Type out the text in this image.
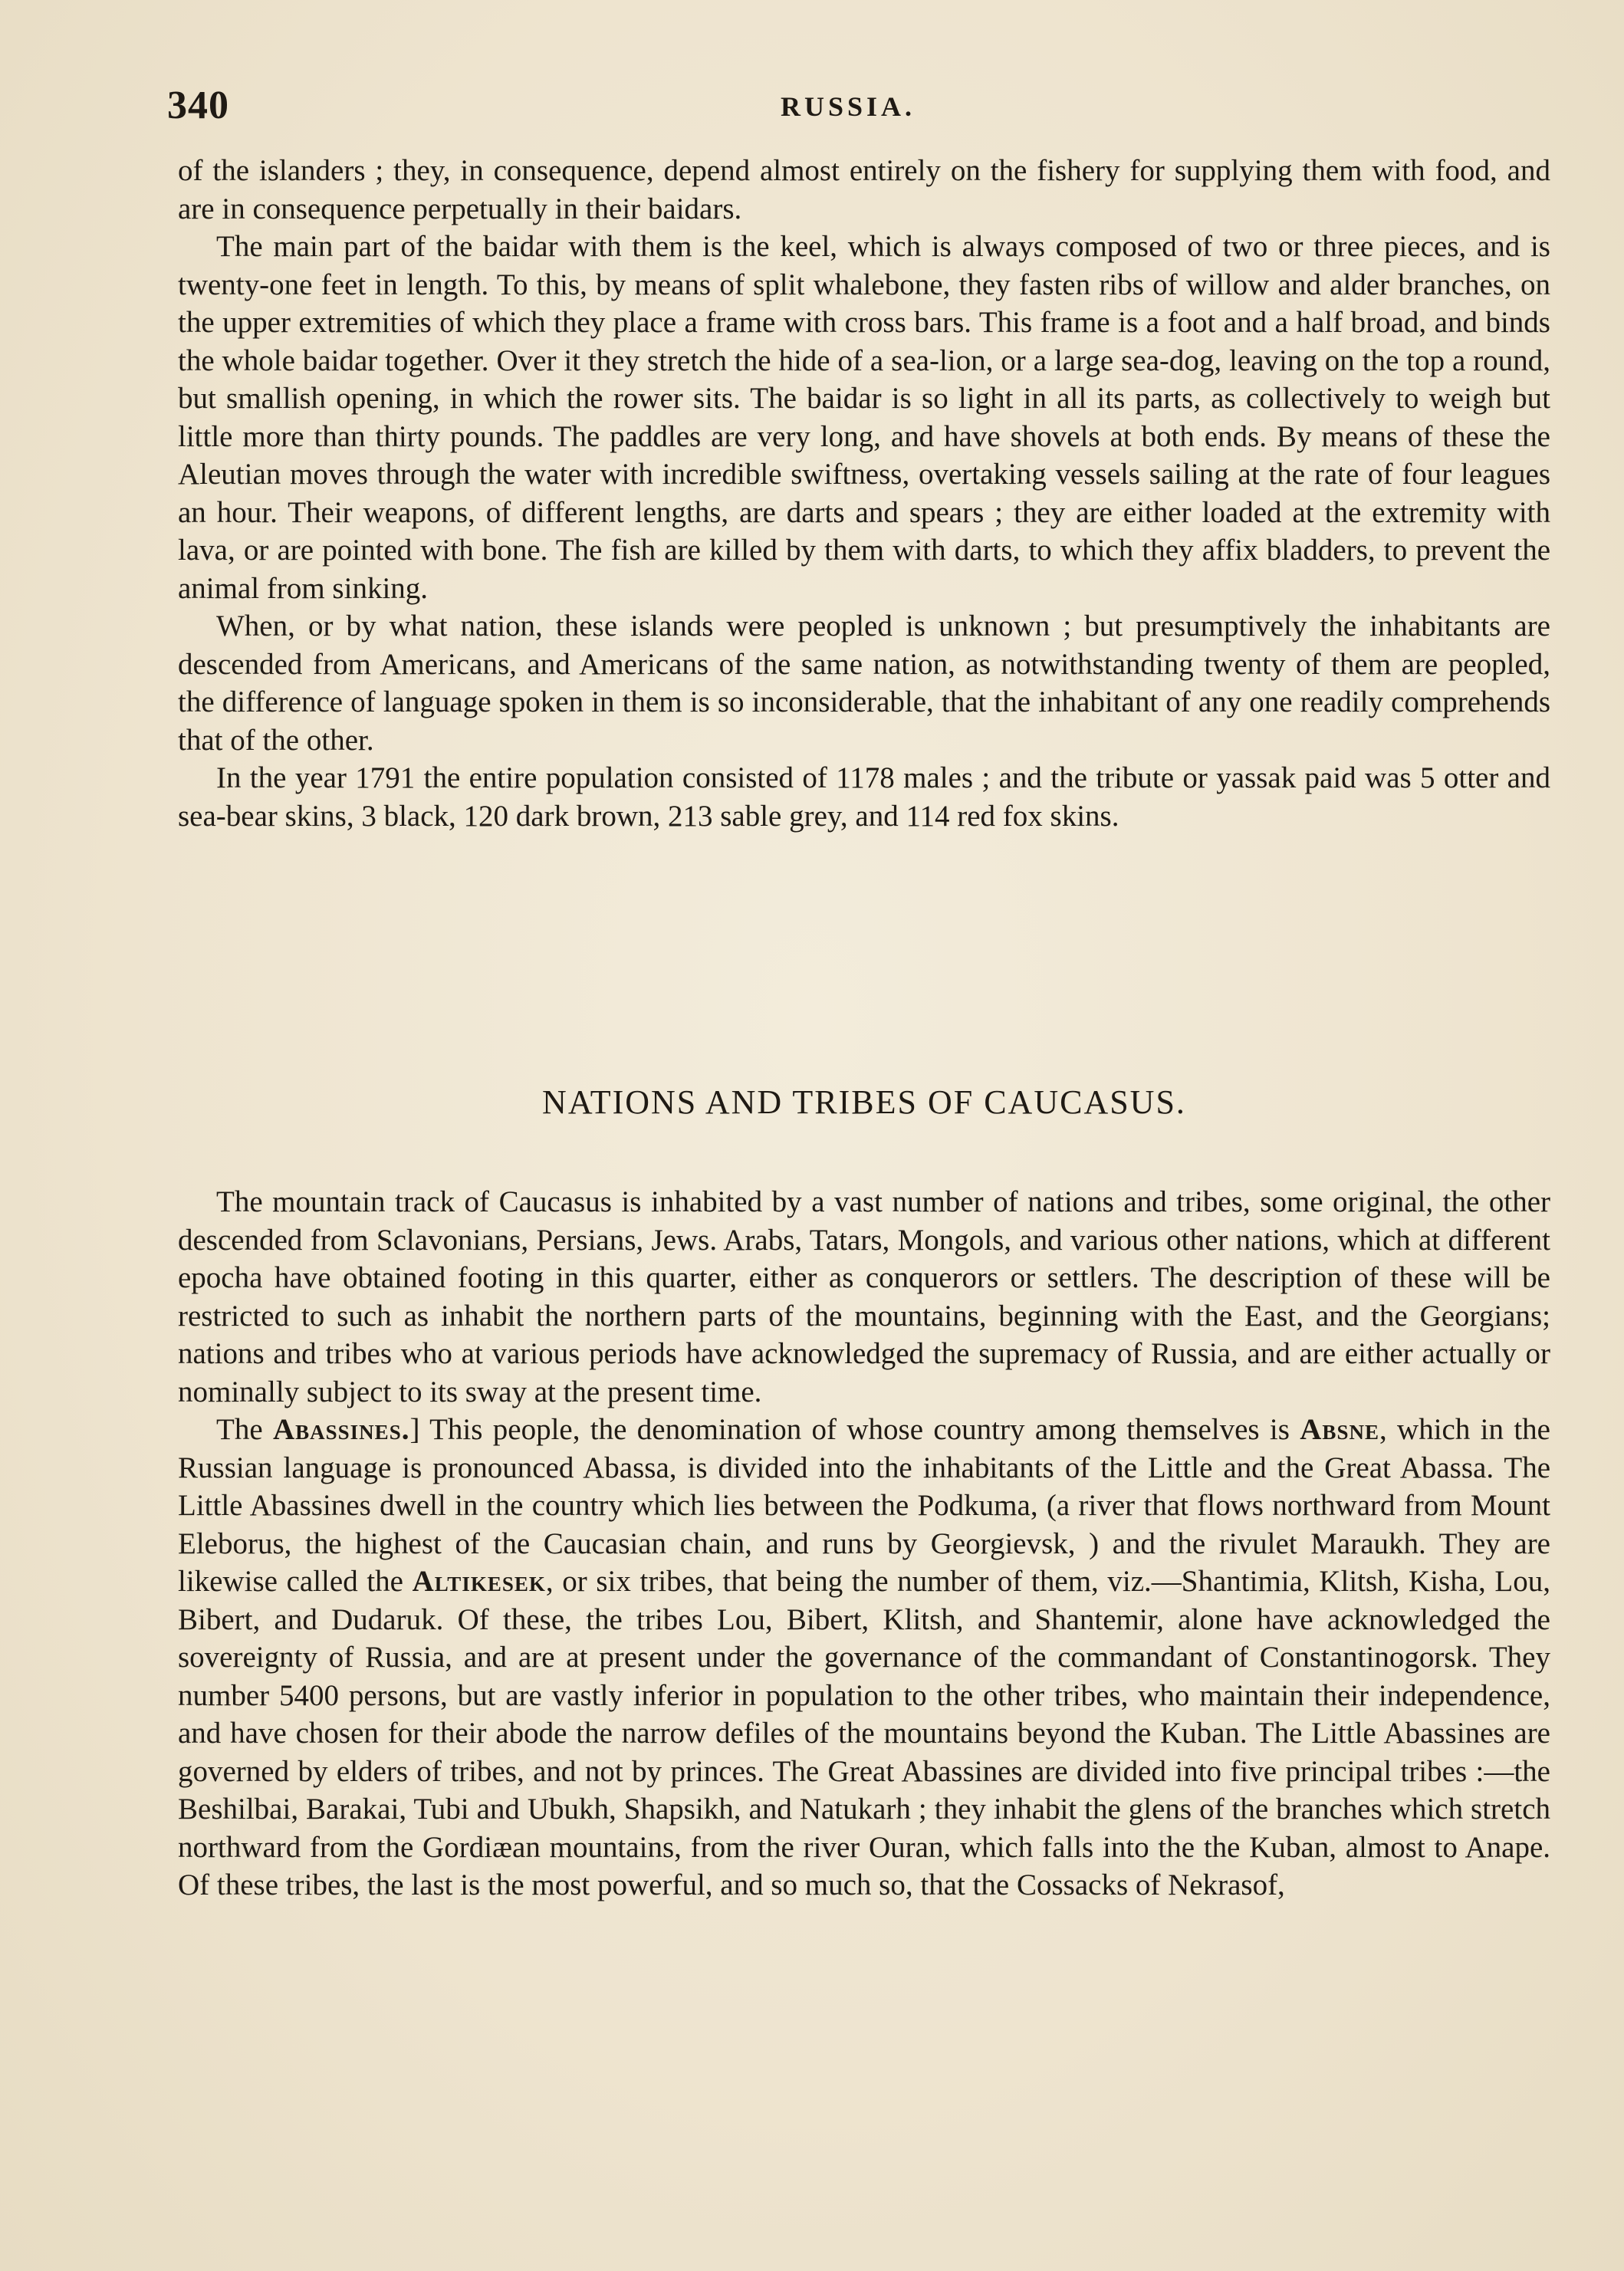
340	RUSSIA.

of the islanders ; they, in consequence, depend almost entirely on the fishery for supplying them with food, and are in consequence perpetually in their baidars.

The main part of the baidar with them is the keel, which is always composed of two or three pieces, and is twenty-one feet in length. To this, by means of split whalebone, they fasten ribs of willow and alder branches, on the upper extremities of which they place a frame with cross bars. This frame is a foot and a half broad, and binds the whole baidar together. Over it they stretch the hide of a sea-lion, or a large sea-dog, leaving on the top a round, but smallish opening, in which the rower sits. The baidar is so light in all its parts, as collectively to weigh but little more than thirty pounds. The paddles are very long, and have shovels at both ends. By means of these the Aleutian moves through the water with incredible swiftness, overtaking vessels sailing at the rate of four leagues an hour. Their weapons, of different lengths, are darts and spears ; they are either loaded at the extremity with lava, or are pointed with bone. The fish are killed by them with darts, to which they affix bladders, to prevent the animal from sinking.

When, or by what nation, these islands were peopled is unknown ; but presumptively the inhabitants are descended from Americans, and Americans of the same nation, as notwithstanding twenty of them are peopled, the difference of language spoken in them is so inconsiderable, that the inhabitant of any one readily comprehends that of the other.

In the year 1791 the entire population consisted of 1178 males ; and the tribute or yassak paid was 5 otter and sea-bear skins, 3 black, 120 dark brown, 213 sable grey, and 114 red fox skins.

NATIONS AND TRIBES OF CAUCASUS.

The mountain track of Caucasus is inhabited by a vast number of nations and tribes, some original, the other descended from Sclavonians, Persians, Jews. Arabs, Tatars, Mongols, and various other nations, which at different epocha have obtained footing in this quarter, either as conquerors or settlers. The description of these will be restricted to such as inhabit the northern parts of the mountains, beginning with the East, and the Georgians; nations and tribes who at various periods have acknowledged the supremacy of Russia, and are either actually or nominally subject to its sway at the present time.

The Abassines.] This people, the denomination of whose country among themselves is Absne, which in the Russian language is pronounced Abassa, is divided into the inhabitants of the Little and the Great Abassa. The Little Abassines dwell in the country which lies between the Podkuma, (a river that flows northward from Mount Eleborus, the highest of the Caucasian chain, and runs by Georgievsk, ) and the rivulet Maraukh. They are likewise called the Altikesek, or six tribes, that being the number of them, viz.—Shantimia, Klitsh, Kisha, Lou, Bibert, and Dudaruk. Of these, the tribes Lou, Bibert, Klitsh, and Shantemir, alone have acknowledged the sovereignty of Russia, and are at present under the governance of the commandant of Constantinogorsk. They number 5400 persons, but are vastly inferior in population to the other tribes, who maintain their independence, and have chosen for their abode the narrow defiles of the mountains beyond the Kuban. The Little Abassines are governed by elders of tribes, and not by princes. The Great Abassines are divided into five principal tribes :—the Beshilbai, Barakai, Tubi and Ubukh, Shapsikh, and Natukarh ; they inhabit the glens of the branches which stretch northward from the Gordiæan mountains, from the river Ouran, which falls into the the Kuban, almost to Anape. Of these tribes, the last is the most powerful, and so much so, that the Cossacks of Nekrasof,
